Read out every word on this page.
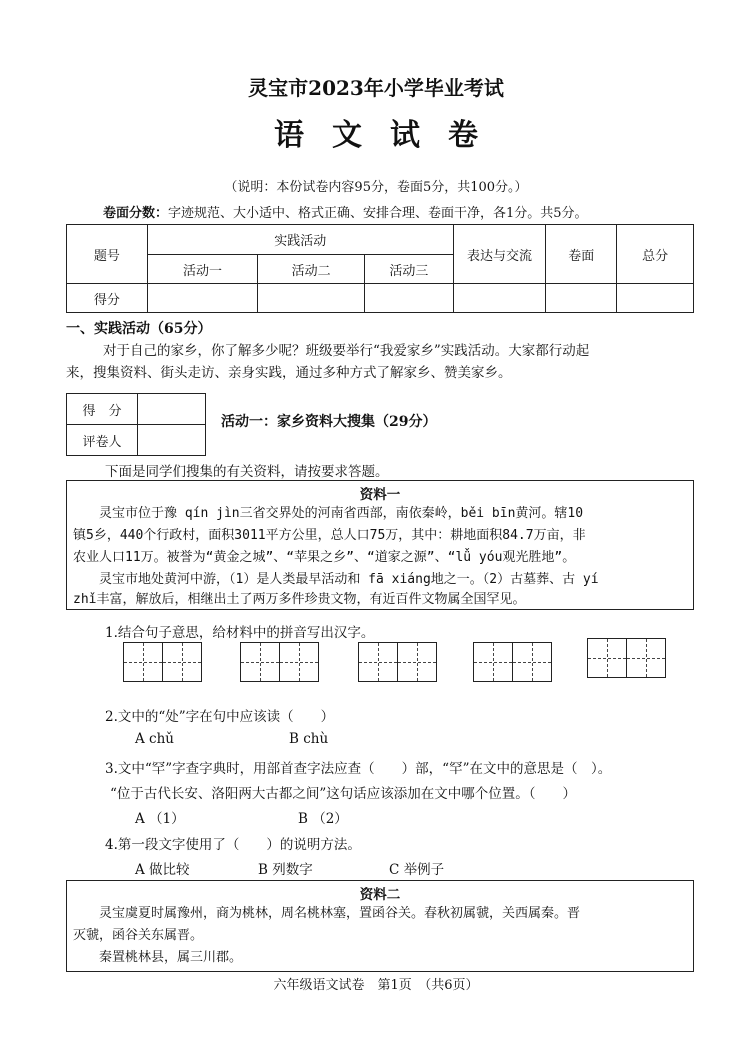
灵宝市2023年小学毕业考试
语文试卷
（说明：本份试卷内容95分，卷面5分，共100分。）
卷面分数：字迹规范、大小适中、格式正确、安排合理、卷面干净，各1分。共5分。
题号	实践活动			表达与交流	卷面	总分
	活动一	活动二	活动三			
得分						
一、实践活动（65分）
对于自己的家乡，你了解多少呢？班级要举行“我爱家乡”实践活动。大家都行动起
来，搜集资料、街头走访、亲身实践，通过多种方式了解家乡、赞美家乡。
得　分	
评卷人	
活动一：家乡资料大搜集（29分）
下面是同学们搜集的有关资料，请按要求答题。
资料一
灵宝市位于豫 qín jìn三省交界处的河南省西部，南依秦岭，běi bīn黄河。辖10
镇5乡，440个行政村，面积3011平方公里，总人口75万，其中：耕地面积84.7万亩，非
农业人口11万。被誉为“黄金之城”、“苹果之乡”、“道家之源”、“lǚ yóu观光胜地”。
灵宝市地处黄河中游，（1）是人类最早活动和 fā xiáng地之一。（2）古墓葬、古 yí
zhǐ丰富，解放后，相继出土了两万多件珍贵文物，有近百件文物属全国罕见。
1.结合句子意思，给材料中的拼音写出汉字。
2.文中的“处”字在句中应该读（　　）
A chǔ	B chù
3.文中“罕”字查字典时，用部首查字法应查（　　）部，“罕”在文中的意思是（　）。
“位于古代长安、洛阳两大古都之间”这句话应该添加在文中哪个位置。（　　）
A （1）	B （2）
4.第一段文字使用了（　　）的说明方法。
A 做比较	B 列数字	C 举例子
资料二
灵宝虞夏时属豫州，商为桃林，周名桃林塞，置函谷关。春秋初属虢，关西属秦。晋
灭虢，函谷关东属晋。
秦置桃林县，属三川郡。
六年级语文试卷　第1页　（共6页）
